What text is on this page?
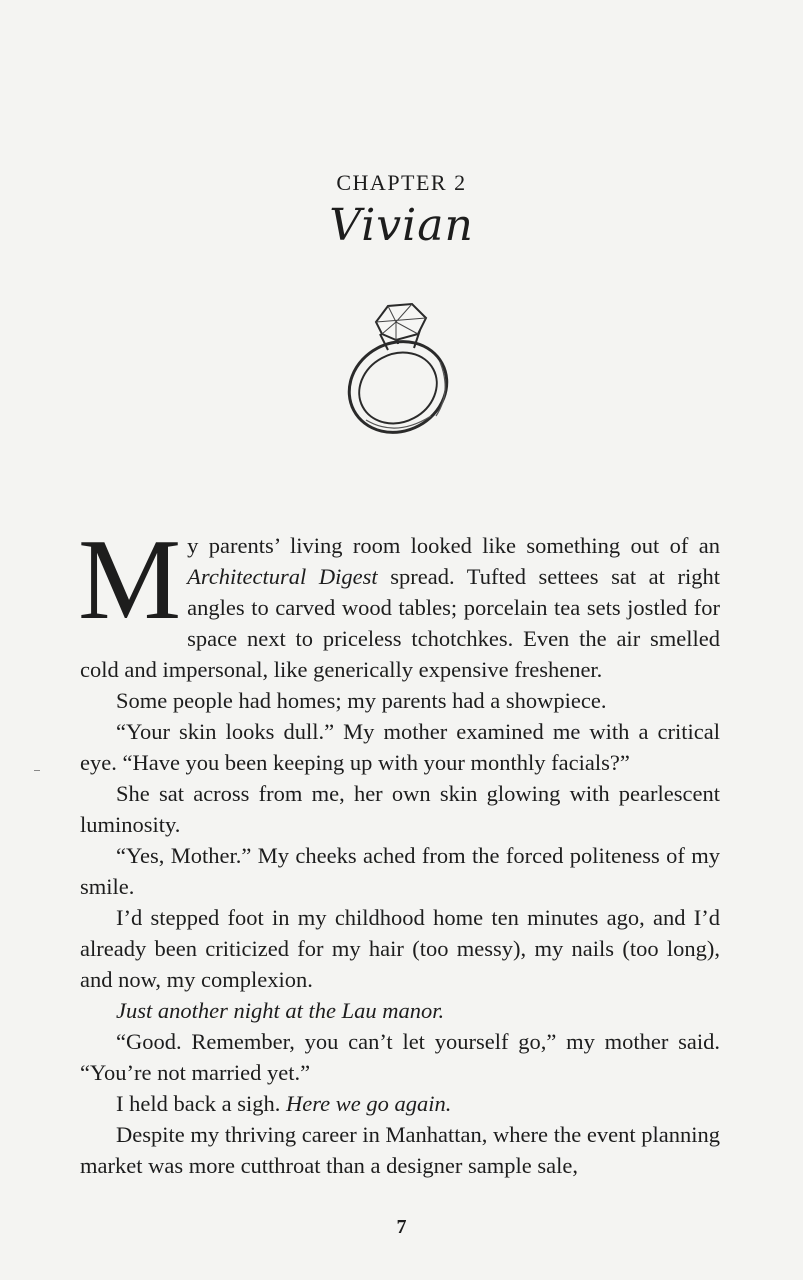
CHAPTER 2
Vivian

My parents’ living room looked like something out of an Architectural Digest spread. Tufted settees sat at right angles to carved wood tables; porcelain tea sets jostled for space next to priceless tchotchkes. Even the air smelled cold and impersonal, like generically expensive freshener.

Some people had homes; my parents had a showpiece.

“Your skin looks dull.” My mother examined me with a critical eye. “Have you been keeping up with your monthly facials?”

She sat across from me, her own skin glowing with pearlescent luminosity.

“Yes, Mother.” My cheeks ached from the forced politeness of my smile.

I’d stepped foot in my childhood home ten minutes ago, and I’d already been criticized for my hair (too messy), my nails (too long), and now, my complexion.

Just another night at the Lau manor.

“Good. Remember, you can’t let yourself go,” my mother said. “You’re not married yet.”

I held back a sigh. Here we go again.

Despite my thriving career in Manhattan, where the event planning market was more cutthroat than a designer sample sale,

7
